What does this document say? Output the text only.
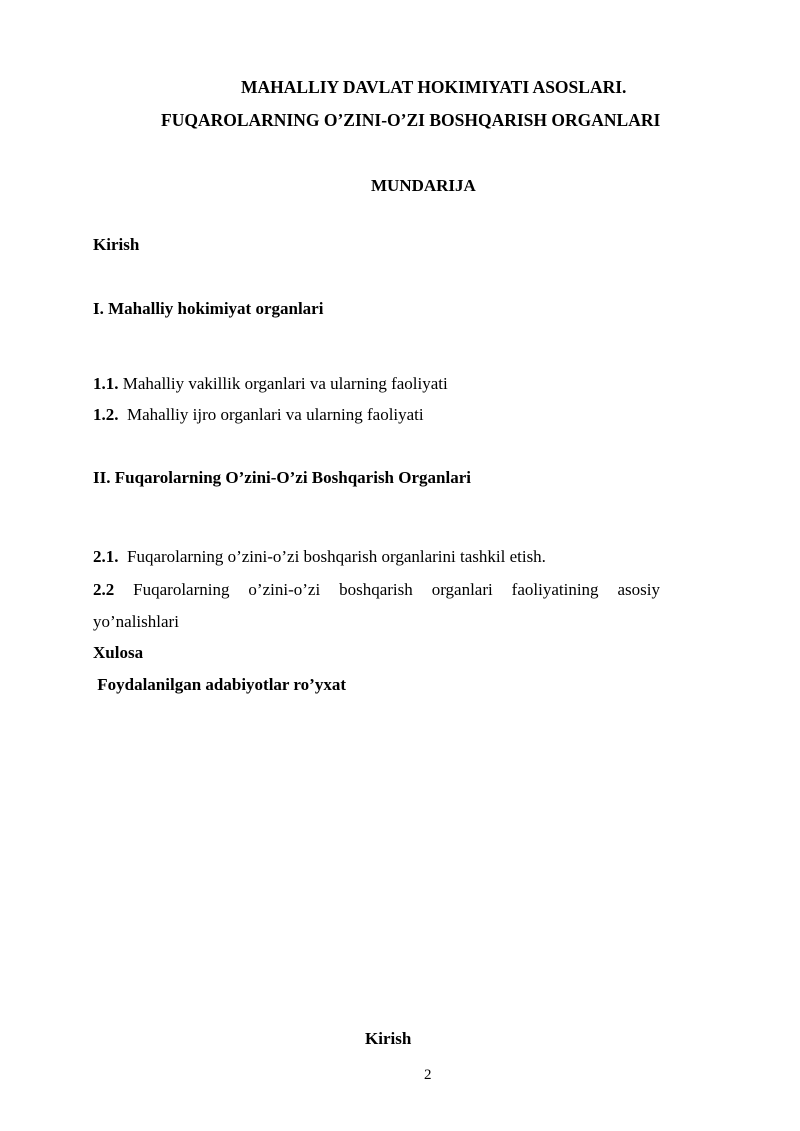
MAHALLIY DAVLAT HOKIMIYATI ASOSLARI.
FUQAROLARNING O’ZINI-O’ZI BOSHQARISH ORGANLARI
MUNDARIJA
Kirish
I. Mahalliy hokimiyat organlari
1.1. Mahalliy vakillik organlari va ularning faoliyati
1.2.  Mahalliy ijro organlari va ularning faoliyati
II. Fuqarolarning O’zini-O’zi Boshqarish Organlari
2.1.  Fuqarolarning o’zini-o’zi boshqarish organlarini tashkil etish.
2.2 Fuqarolarning o’zini-o’zi boshqarish organlari faoliyatining asosiy
yo’nalishlari
Xulosa
Foydalanilgan adabiyotlar ro’yxat
Kirish
2
